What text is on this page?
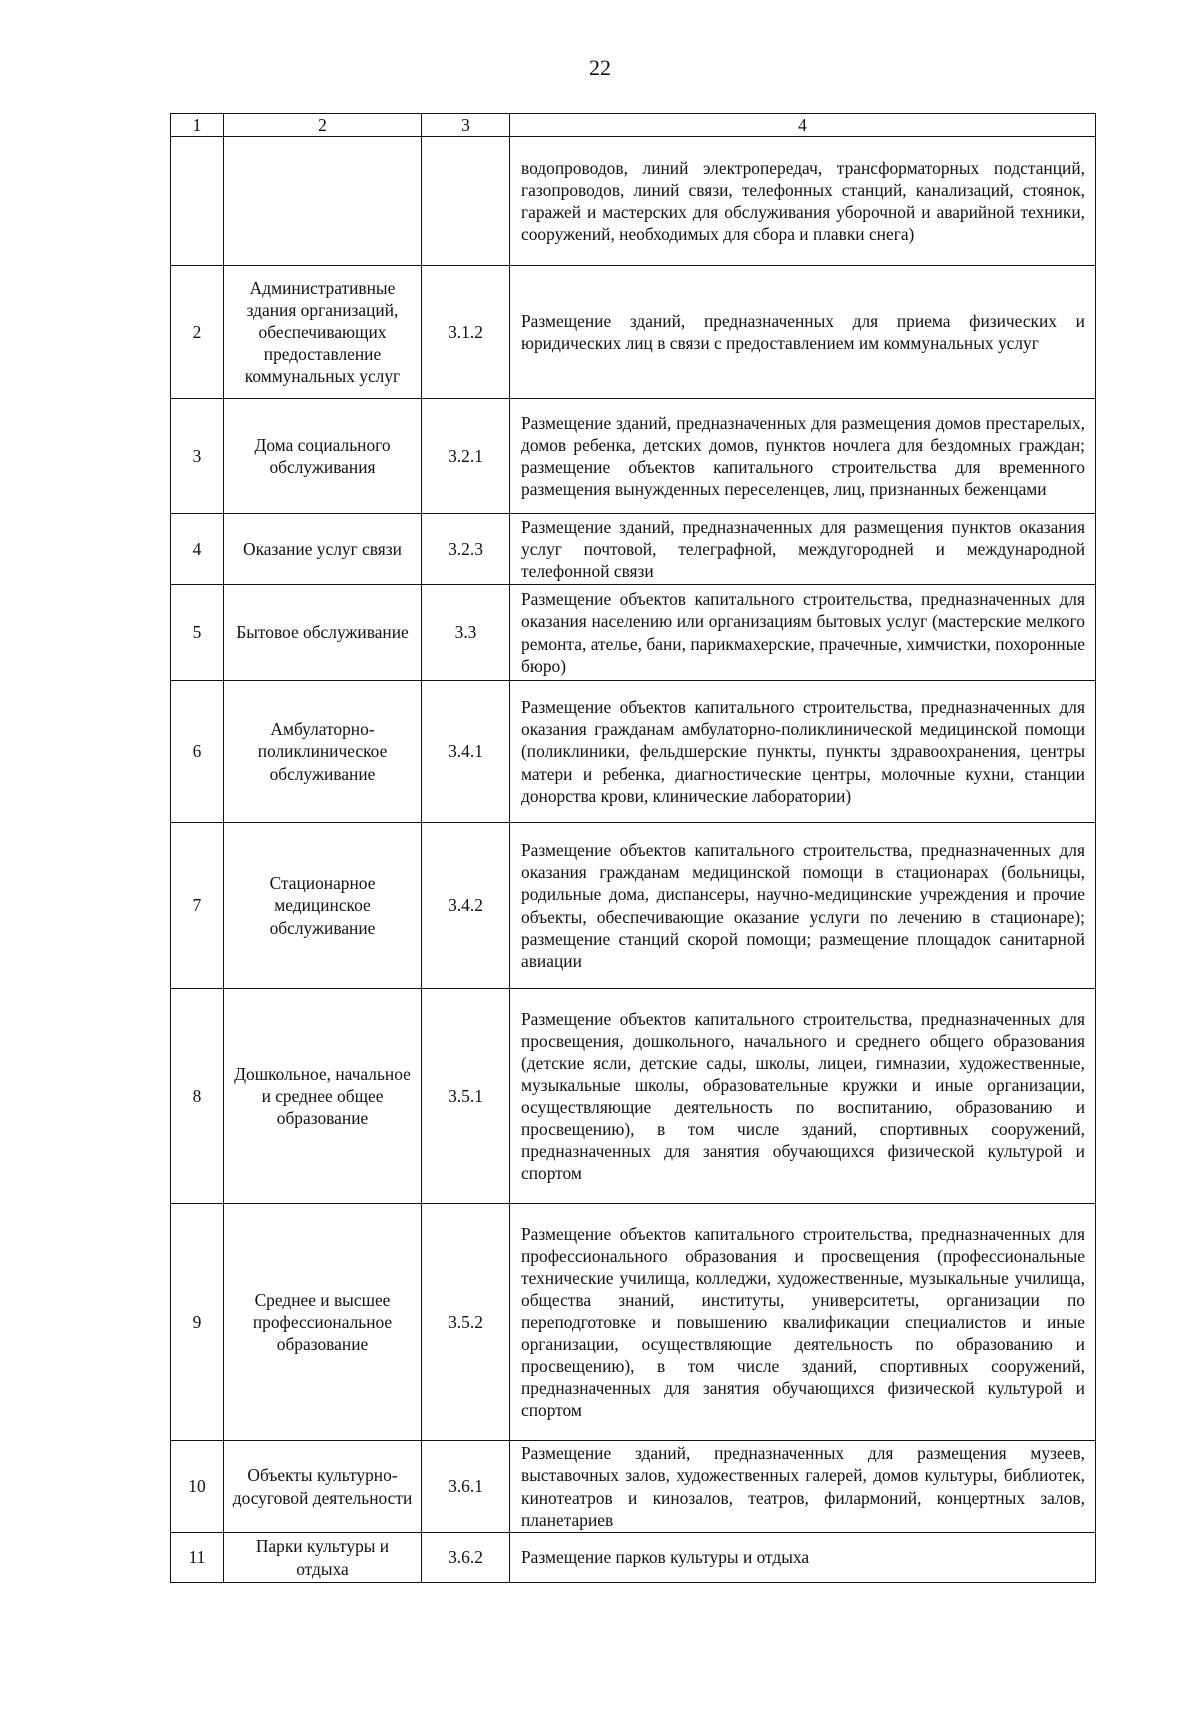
22
1	2	3	4
			водопроводов, линий электропередач, трансформаторных подстанций, газопроводов, линий связи, телефонных станций, канализаций, стоянок, гаражей и мастерских для обслуживания уборочной и аварийной техники, сооружений, необходимых для сбора и плавки снега)
2	Административные здания организаций, обеспечивающих предоставление коммунальных услуг	3.1.2	Размещение зданий, предназначенных для приема физических и юридических лиц в связи с предоставлением им коммунальных услуг
3	Дома социального обслуживания	3.2.1	Размещение зданий, предназначенных для размещения домов престарелых, домов ребенка, детских домов, пунктов ночлега для бездомных граждан; размещение объектов капитального строительства для временного размещения вынужденных переселенцев, лиц, признанных беженцами
4	Оказание услуг связи	3.2.3	Размещение зданий, предназначенных для размещения пунктов оказания услуг почтовой, телеграфной, междугородней и международной телефонной связи
5	Бытовое обслуживание	3.3	Размещение объектов капитального строительства, предназначенных для оказания населению или организациям бытовых услуг (мастерские мелкого ремонта, ателье, бани, парикмахерские, прачечные, химчистки, похоронные бюро)
6	Амбулаторно-поликлиническое обслуживание	3.4.1	Размещение объектов капитального строительства, предназначенных для оказания гражданам амбулаторно-поликлинической медицинской помощи (поликлиники, фельдшерские пункты, пункты здравоохранения, центры матери и ребенка, диагностические центры, молочные кухни, станции донорства крови, клинические лаборатории)
7	Стационарное медицинское обслуживание	3.4.2	Размещение объектов капитального строительства, предназначенных для оказания гражданам медицинской помощи в стационарах (больницы, родильные дома, диспансеры, научно-медицинские учреждения и прочие объекты, обеспечивающие оказание услуги по лечению в стационаре); размещение станций скорой помощи; размещение площадок санитарной авиации
8	Дошкольное, начальное и среднее общее образование	3.5.1	Размещение объектов капитального строительства, предназначенных для просвещения, дошкольного, начального и среднего общего образования (детские ясли, детские сады, школы, лицеи, гимназии, художественные, музыкальные школы, образовательные кружки и иные организации, осуществляющие деятельность по воспитанию, образованию и просвещению), в том числе зданий, спортивных сооружений, предназначенных для занятия обучающихся физической культурой и спортом
9	Среднее и высшее профессиональное образование	3.5.2	Размещение объектов капитального строительства, предназначенных для профессионального образования и просвещения (профессиональные технические училища, колледжи, художественные, музыкальные училища, общества знаний, институты, университеты, организации по переподготовке и повышению квалификации специалистов и иные организации, осуществляющие деятельность по образованию и просвещению), в том числе зданий, спортивных сооружений, предназначенных для занятия обучающихся физической культурой и спортом
10	Объекты культурно-досуговой деятельности	3.6.1	Размещение зданий, предназначенных для размещения музеев, выставочных залов, художественных галерей, домов культуры, библиотек, кинотеатров и кинозалов, театров, филармоний, концертных залов, планетариев
11	Парки культуры и отдыха	3.6.2	Размещение парков культуры и отдыха
